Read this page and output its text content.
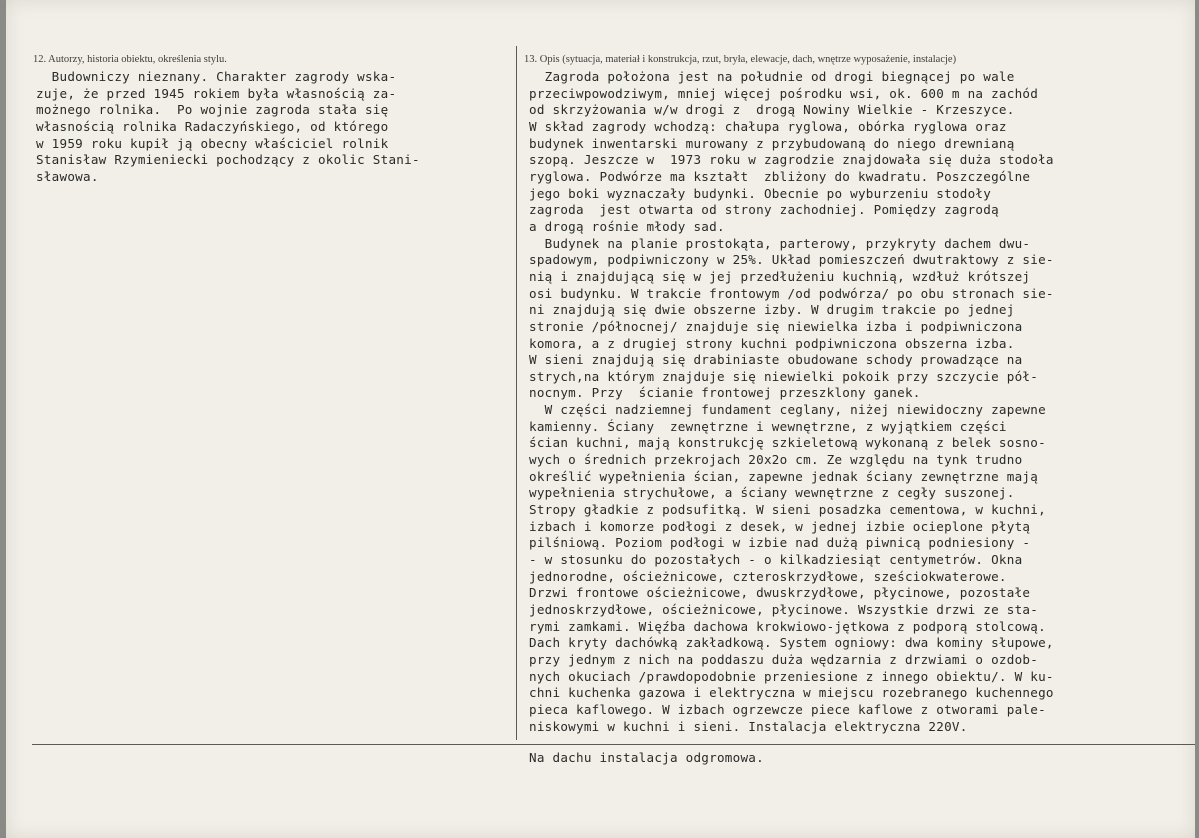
12. Autorzy, historia obiektu, określenia stylu.	13. Opis (sytuacja, materiał i konstrukcja, rzut, bryła, elewacje, dach, wnętrze wyposażenie, instalacje)
Budowniczy nieznany. Charakter zagrody wska-
zuje, że przed 1945 rokiem była własnością za-
możnego rolnika.  Po wojnie zagroda stała się
własnością rolnika Radaczyńskiego, od którego
w 1959 roku kupił ją obecny właściciel rolnik
Stanisław Rzymieniecki pochodzący z okolic Stani-
sławowa.
Zagroda położona jest na południe od drogi biegnącej po wale
przeciwpowodziwym, mniej więcej pośrodku wsi, ok. 600 m na zachód
od skrzyżowania w/w drogi z  drogą Nowiny Wielkie - Krzeszyce.
W skład zagrody wchodzą: chałupa ryglowa, obórka ryglowa oraz
budynek inwentarski murowany z przybudowaną do niego drewnianą
szopą. Jeszcze w  1973 roku w zagrodzie znajdowała się duża stodoła
ryglowa. Podwórze ma kształt  zbliżony do kwadratu. Poszczególne
jego boki wyznaczały budynki. Obecnie po wyburzeniu stodoły
zagroda  jest otwarta od strony zachodniej. Pomiędzy zagrodą
a drogą rośnie młody sad.
Budynek na planie prostokąta, parterowy, przykryty dachem dwu-
spadowym, podpiwniczony w 25%. Układ pomieszczeń dwutraktowy z sie-
nią i znajdującą się w jej przedłużeniu kuchnią, wzdłuż krótszej
osi budynku. W trakcie frontowym /od podwórza/ po obu stronach sie-
ni znajdują się dwie obszerne izby. W drugim trakcie po jednej
stronie /północnej/ znajduje się niewielka izba i podpiwniczona
komora, a z drugiej strony kuchni podpiwniczona obszerna izba.
W sieni znajdują się drabiniaste obudowane schody prowadzące na
strych,na którym znajduje się niewielki pokoik przy szczycie pół-
nocnym. Przy  ścianie frontowej przeszklony ganek.
W części nadziemnej fundament ceglany, niżej niewidoczny zapewne
kamienny. Ściany  zewnętrzne i wewnętrzne, z wyjątkiem części
ścian kuchni, mają konstrukcję szkieletową wykonaną z belek sosno-
wych o średnich przekrojach 20x2o cm. Ze względu na tynk trudno
określić wypełnienia ścian, zapewne jednak ściany zewnętrzne mają
wypełnienia strychułowe, a ściany wewnętrzne z cegły suszonej.
Stropy gładkie z podsufitką. W sieni posadzka cementowa, w kuchni,
izbach i komorze podłogi z desek, w jednej izbie ocieplone płytą
pilśniową. Poziom podłogi w izbie nad dużą piwnicą podniesiony -
- w stosunku do pozostałych - o kilkadziesiąt centymetrów. Okna
jednorodne, ościeżnicowe, czteroskrzydłowe, sześciokwaterowe.
Drzwi frontowe ościeżnicowe, dwuskrzydłowe, płycinowe, pozostałe
jednoskrzydłowe, ościeżnicowe, płycinowe. Wszystkie drzwi ze sta-
rymi zamkami. Więźba dachowa krokwiowo-jętkowa z podporą stolcową.
Dach kryty dachówką zakładkową. System ogniowy: dwa kominy słupowe,
przy jednym z nich na poddaszu duża wędzarnia z drzwiami o ozdob-
nych okuciach /prawdopodobnie przeniesione z innego obiektu/. W ku-
chni kuchenka gazowa i elektryczna w miejscu rozebranego kuchennego
pieca kaflowego. W izbach ogrzewcze piece kaflowe z otworami pale-
niskowymi w kuchni i sieni. Instalacja elektryczna 220V.
Na dachu instalacja odgromowa.
